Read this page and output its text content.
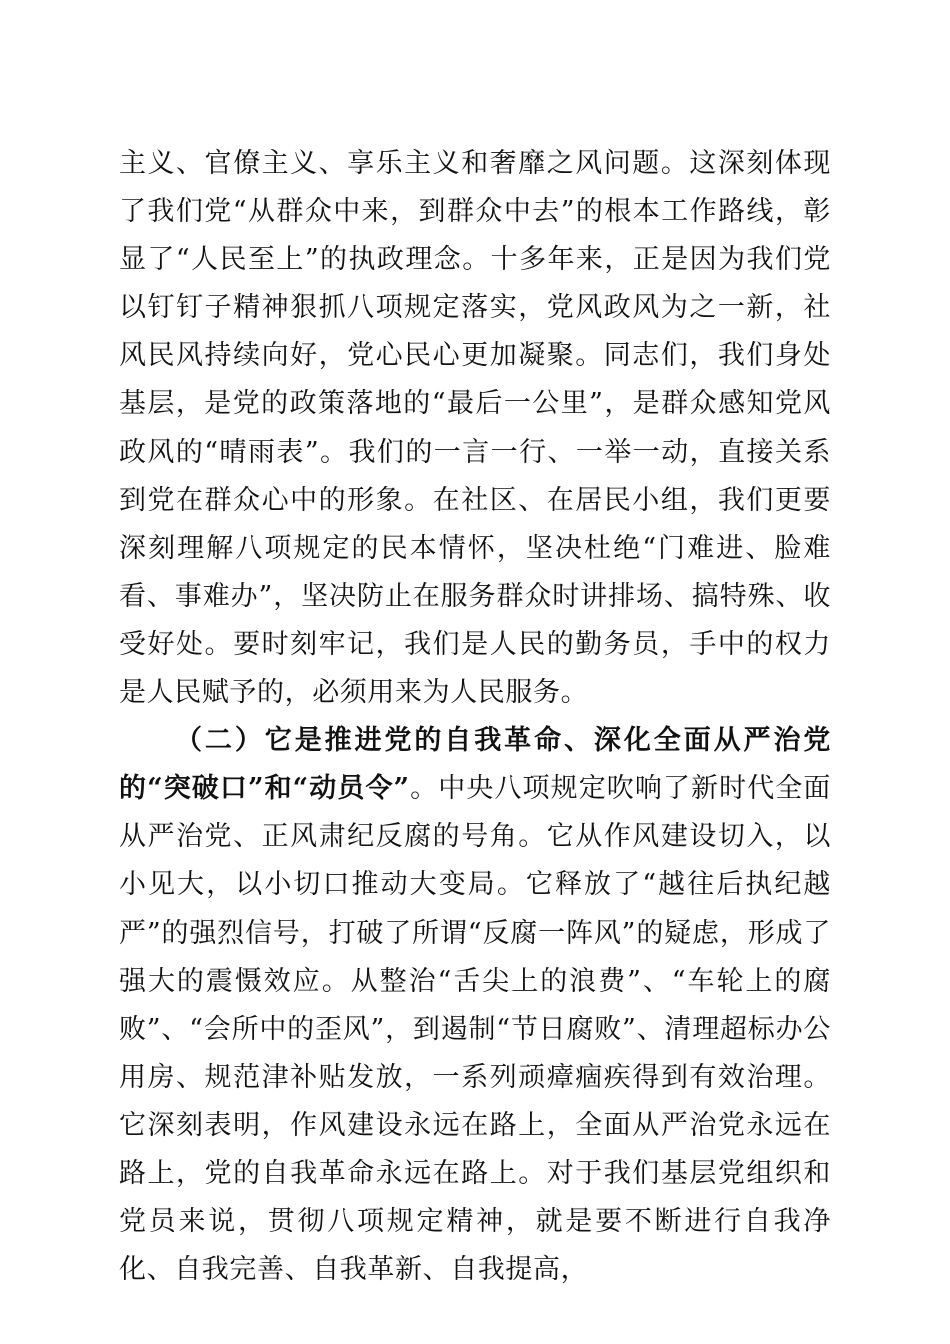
主义、官僚主义、享乐主义和奢靡之风问题。这深刻体现了我们党“从群众中来，到群众中去”的根本工作路线，彰显了“人民至上”的执政理念。十多年来，正是因为我们党以钉钉子精神狠抓八项规定落实，党风政风为之一新，社风民风持续向好，党心民心更加凝聚。同志们，我们身处基层，是党的政策落地的“最后一公里”，是群众感知党风政风的“晴雨表”。我们的一言一行、一举一动，直接关系到党在群众心中的形象。在社区、在居民小组，我们更要深刻理解八项规定的民本情怀，坚决杜绝“门难进、脸难看、事难办”，坚决防止在服务群众时讲排场、搞特殊、收受好处。要时刻牢记，我们是人民的勤务员，手中的权力是人民赋予的，必须用来为人民服务。

（二）它是推进党的自我革命、深化全面从严治党的“突破口”和“动员令”。中央八项规定吹响了新时代全面从严治党、正风肃纪反腐的号角。它从作风建设切入，以小见大，以小切口推动大变局。它释放了“越往后执纪越严”的强烈信号，打破了所谓“反腐一阵风”的疑虑，形成了强大的震慑效应。从整治“舌尖上的浪费”、“车轮上的腐败”、“会所中的歪风”，到遏制“节日腐败”、清理超标办公用房、规范津补贴发放，一系列顽瘴痼疾得到有效治理。它深刻表明，作风建设永远在路上，全面从严治党永远在路上，党的自我革命永远在路上。对于我们基层党组织和党员来说，贯彻八项规定精神，就是要不断进行自我净化、自我完善、自我革新、自我提高，
